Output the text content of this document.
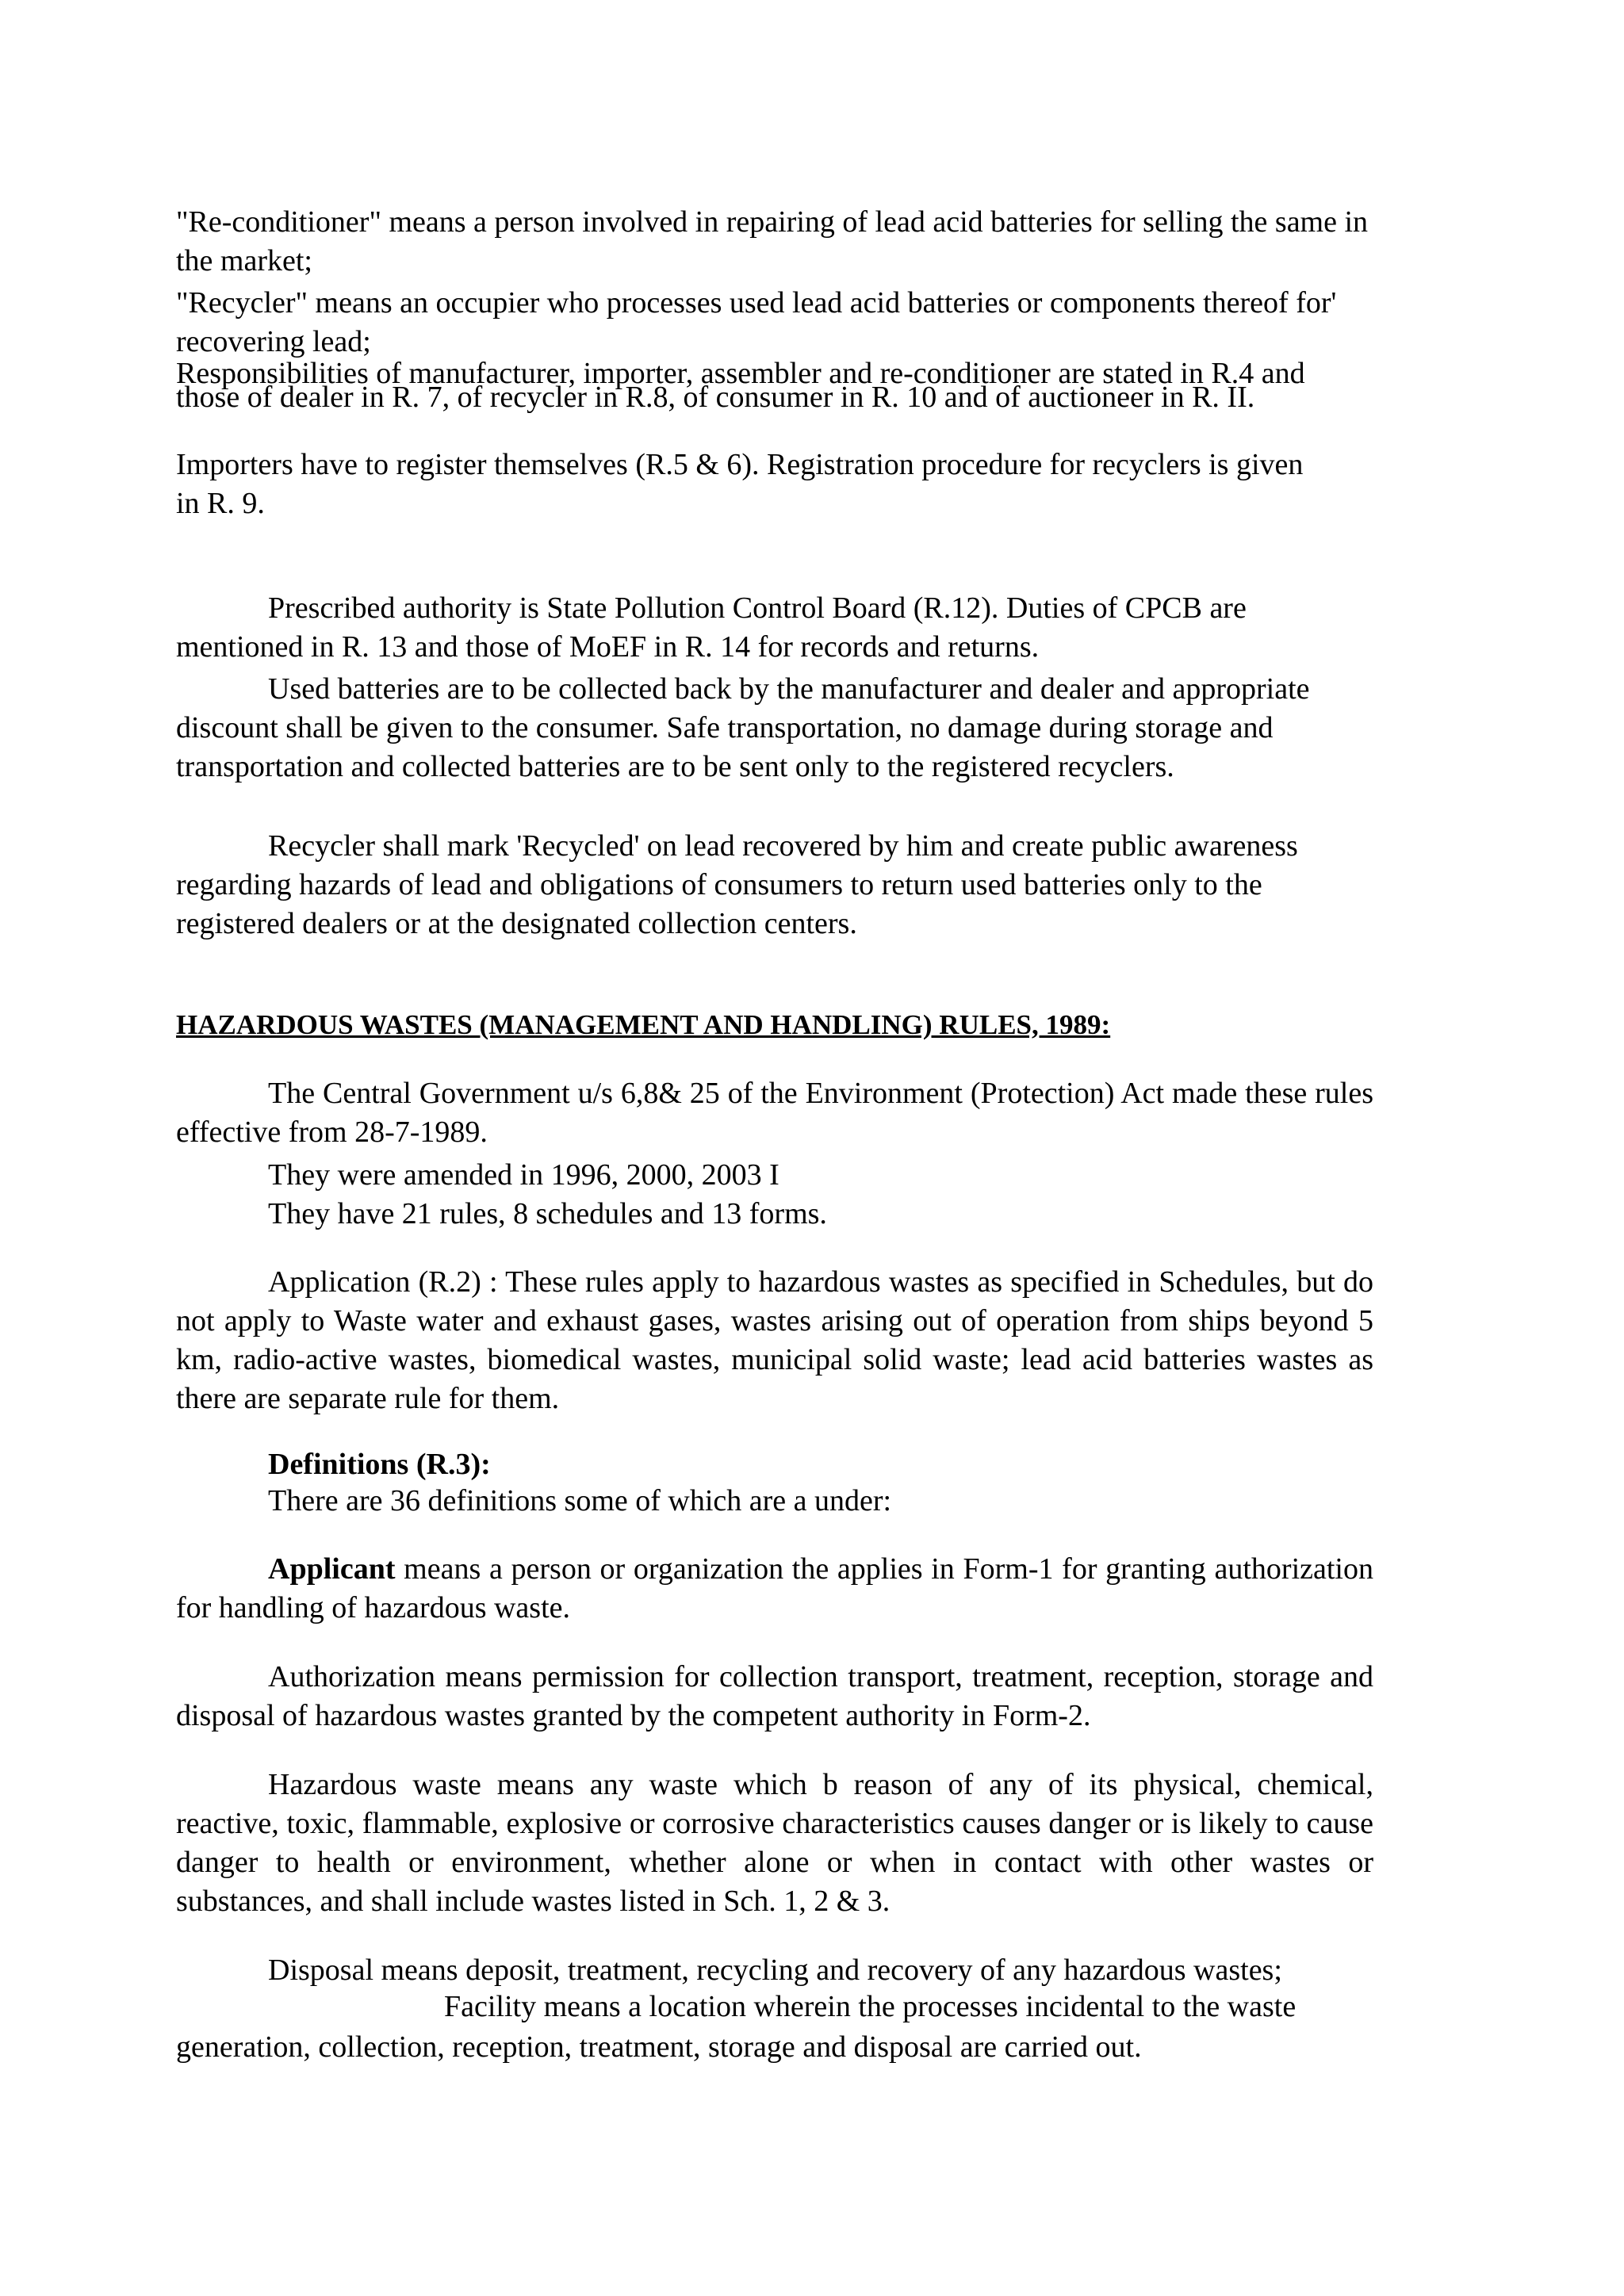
"Re-conditioner" means a person involved in repairing of lead acid batteries for selling the same in the market;

"Recycler" means an occupier who processes used lead acid batteries or components thereof for' recovering lead;

Responsibilities of manufacturer, importer, assembler and re-conditioner are stated in R.4 and those of dealer in R. 7, of recycler in R.8, of consumer in R. 10 and of auctioneer in R. II.

Importers have to register themselves (R.5 & 6). Registration procedure for recyclers is given in R. 9.

Prescribed authority is State Pollution Control Board (R.12). Duties of CPCB are mentioned in R. 13 and those of MoEF in R. 14 for records and returns.

Used batteries are to be collected back by the manufacturer and dealer and appropriate discount shall be given to the consumer. Safe transportation, no damage during storage and transportation and collected batteries are to be sent only to the registered recyclers.

Recycler shall mark 'Recycled' on lead recovered by him and create public awareness regarding hazards of lead and obligations of consumers to return used batteries only to the registered dealers or at the designated collection centers.

HAZARDOUS WASTES (MANAGEMENT AND HANDLING) RULES, 1989:

The Central Government u/s 6,8& 25 of the Environment (Protection) Act made these rules effective from 28-7-1989.

They were amended in 1996, 2000, 2003 I

They have 21 rules, 8 schedules and 13 forms.

Application (R.2) : These rules apply to hazardous wastes as specified in Schedules, but do not apply to Waste water and exhaust gases, wastes arising out of operation from ships beyond 5 km, radio-active wastes, biomedical wastes, municipal solid waste; lead acid batteries wastes as there are separate rule for them.

Definitions (R.3):

There are 36 definitions some of which are a under:

Applicant means a person or organization the applies in Form-1 for granting authorization for handling of hazardous waste.

Authorization means permission for collection transport, treatment, reception, storage and disposal of hazardous wastes granted by the competent authority in Form-2.

Hazardous waste means any waste which b reason of any of its physical, chemical, reactive, toxic, flammable, explosive or corrosive characteristics causes danger or is likely to cause danger to health or environment, whether alone or when in contact with other wastes or substances, and shall include wastes listed in Sch. 1, 2 & 3.

Disposal means deposit, treatment, recycling and recovery of any hazardous wastes;

Facility means a location wherein the processes incidental to the waste

generation, collection, reception, treatment, storage and disposal are carried out.
